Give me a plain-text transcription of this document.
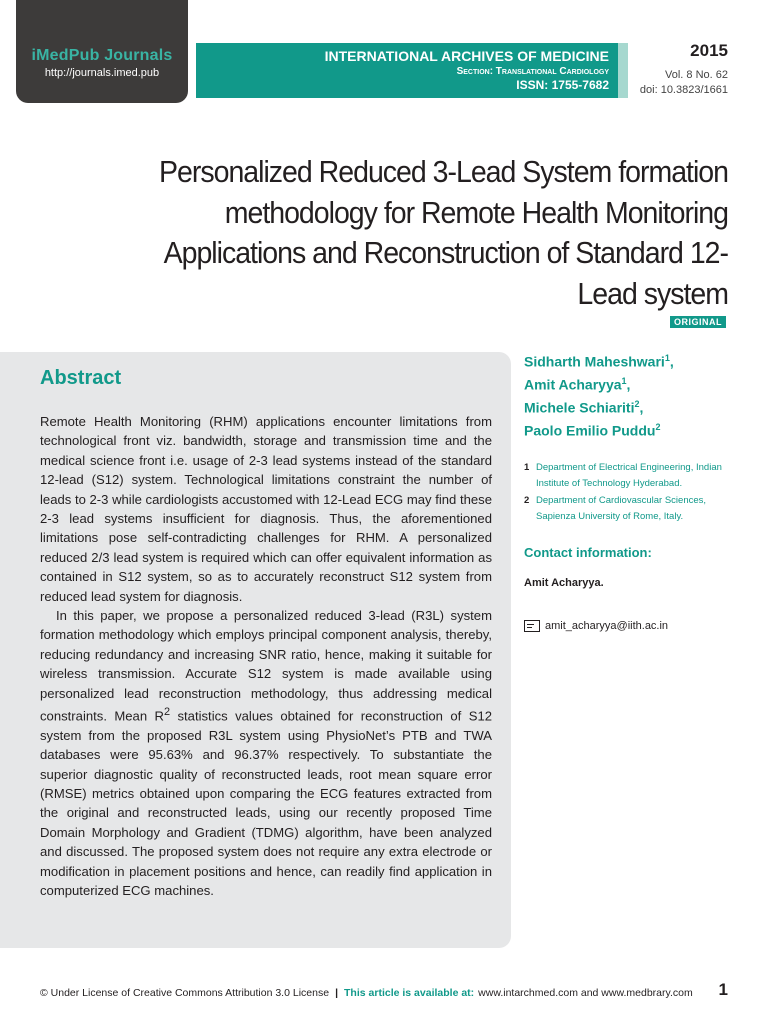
iMedPub Journals
http://journals.imed.pub
INTERNATIONAL ARCHIVES OF MEDICINE
Section: Translational Cardiology
ISSN: 1755-7682
2015
Vol. 8 No. 62
doi: 10.3823/1661
Personalized Reduced 3-Lead System formation methodology for Remote Health Monitoring Applications and Reconstruction of Standard 12-Lead system
ORIGINAL
Abstract

Remote Health Monitoring (RHM) applications encounter limitations from technological front viz. bandwidth, storage and transmission time and the medical science front i.e. usage of 2-3 lead systems instead of the standard 12-lead (S12) system. Technological limitations constraint the number of leads to 2-3 while cardiologists accustomed with 12-Lead ECG may find these 2-3 lead systems insufficient for diagnosis. Thus, the aforementioned limitations pose self-contradicting challenges for RHM. A personalized reduced 2/3 lead system is required which can offer equivalent information as contained in S12 system, so as to accurately reconstruct S12 system from reduced lead system for diagnosis.

In this paper, we propose a personalized reduced 3-lead (R3L) system formation methodology which employs principal component analysis, thereby, reducing redundancy and increasing SNR ratio, hence, making it suitable for wireless transmission. Accurate S12 system is made available using personalized lead reconstruction methodology, thus addressing medical constraints. Mean $R^2$ statistics values obtained for reconstruction of S12 system from the proposed R3L system using PhysioNet’s PTB and TWA databases were 95.63% and 96.37% respectively. To substantiate the superior diagnostic quality of reconstructed leads, root mean square error (RMSE) metrics obtained upon comparing the ECG features extracted from the original and reconstructed leads, using our recently proposed Time Domain Morphology and Gradient (TDMG) algorithm, have been analyzed and discussed. The proposed system does not require any extra electrode or modification in placement positions and hence, can readily find application in computerized ECG machines.

Sidharth Maheshwari$^1$,
Amit Acharyya$^1$,
Michele Schiariti$^2$,
Paolo Emilio Puddu$^2$
1 Department of Electrical Engineering, Indian Institute of Technology Hyderabad.
2 Department of Cardiovascular Sciences, Sapienza University of Rome, Italy.
Contact information:
Amit Acharyya.
amit_acharyya@iith.ac.in
© Under License of Creative Commons Attribution 3.0 License | This article is available at: www.intarchmed.com and www.medbrary.com 1
